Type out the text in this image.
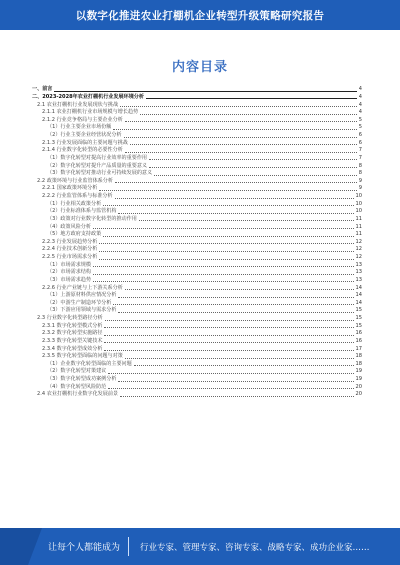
以数字化推进农业打棚机企业转型升级策略研究报告
内容目录
一、前言	4
二、2023-2028年农业打棚机行业发展环境分析	4
2.1 农业打棚机行业发展现状与挑战	4
2.1.1 农业打棚机行业市场规模与增长趋势	4
2.1.2 行业竞争格局与主要企业分析	5
（1）行业主要企业市场份额	5
（2）行业主要企业经营状况分析	6
2.1.3 行业发展面临的主要问题与挑战	6
2.1.4 行业数字化转型的必要性分析	7
（1）数字化转型对提高行业效率的重要作用	7
（2）数字化转型对提升产品质量的重要意义	8
（3）数字化转型对推动行业可持续发展的意义	8
2.2 政策环境与行业监管体系分析	9
2.2.1 国家政策环境分析	9
2.2.2 行业监管体系与标准分析	10
（1）行业相关政策分析	10
（2）行业标准体系与监管机构	10
（3）政策对行业数字化转型的推动作用	11
（4）政策风险分析	11
（5）地方政府支持政策	11
2.2.3 行业发展趋势分析	12
2.2.4 行业技术创新分析	12
2.2.5 行业市场需求分析	12
（1）市场需求规模	13
（2）市场需求结构	13
（3）市场需求趋势	13
2.2.6 行业产业链与上下游关系分析	14
（1）上游原材料供应情况分析	14
（2）中游生产制造环节分析	14
（3）下游应用领域与需求分析	15
2.3 行业数字化转型路径分析	15
2.3.1 数字化转型模式分析	15
2.3.2 数字化转型实施路径	16
2.3.3 数字化转型关键技术	16
2.3.4 数字化转型成效分析	17
2.3.5 数字化转型面临的问题与对策	18
（1）企业数字化转型面临的主要问题	18
（2）数字化转型对策建议	19
（3）数字化转型成功案例分析	19
（4）数字化转型风险防范	20
2.4 农业打棚机行业数字化发展前景	20
让每个人都能成为 行业专家、管理专家、咨询专家、战略专家、成功企业家……
